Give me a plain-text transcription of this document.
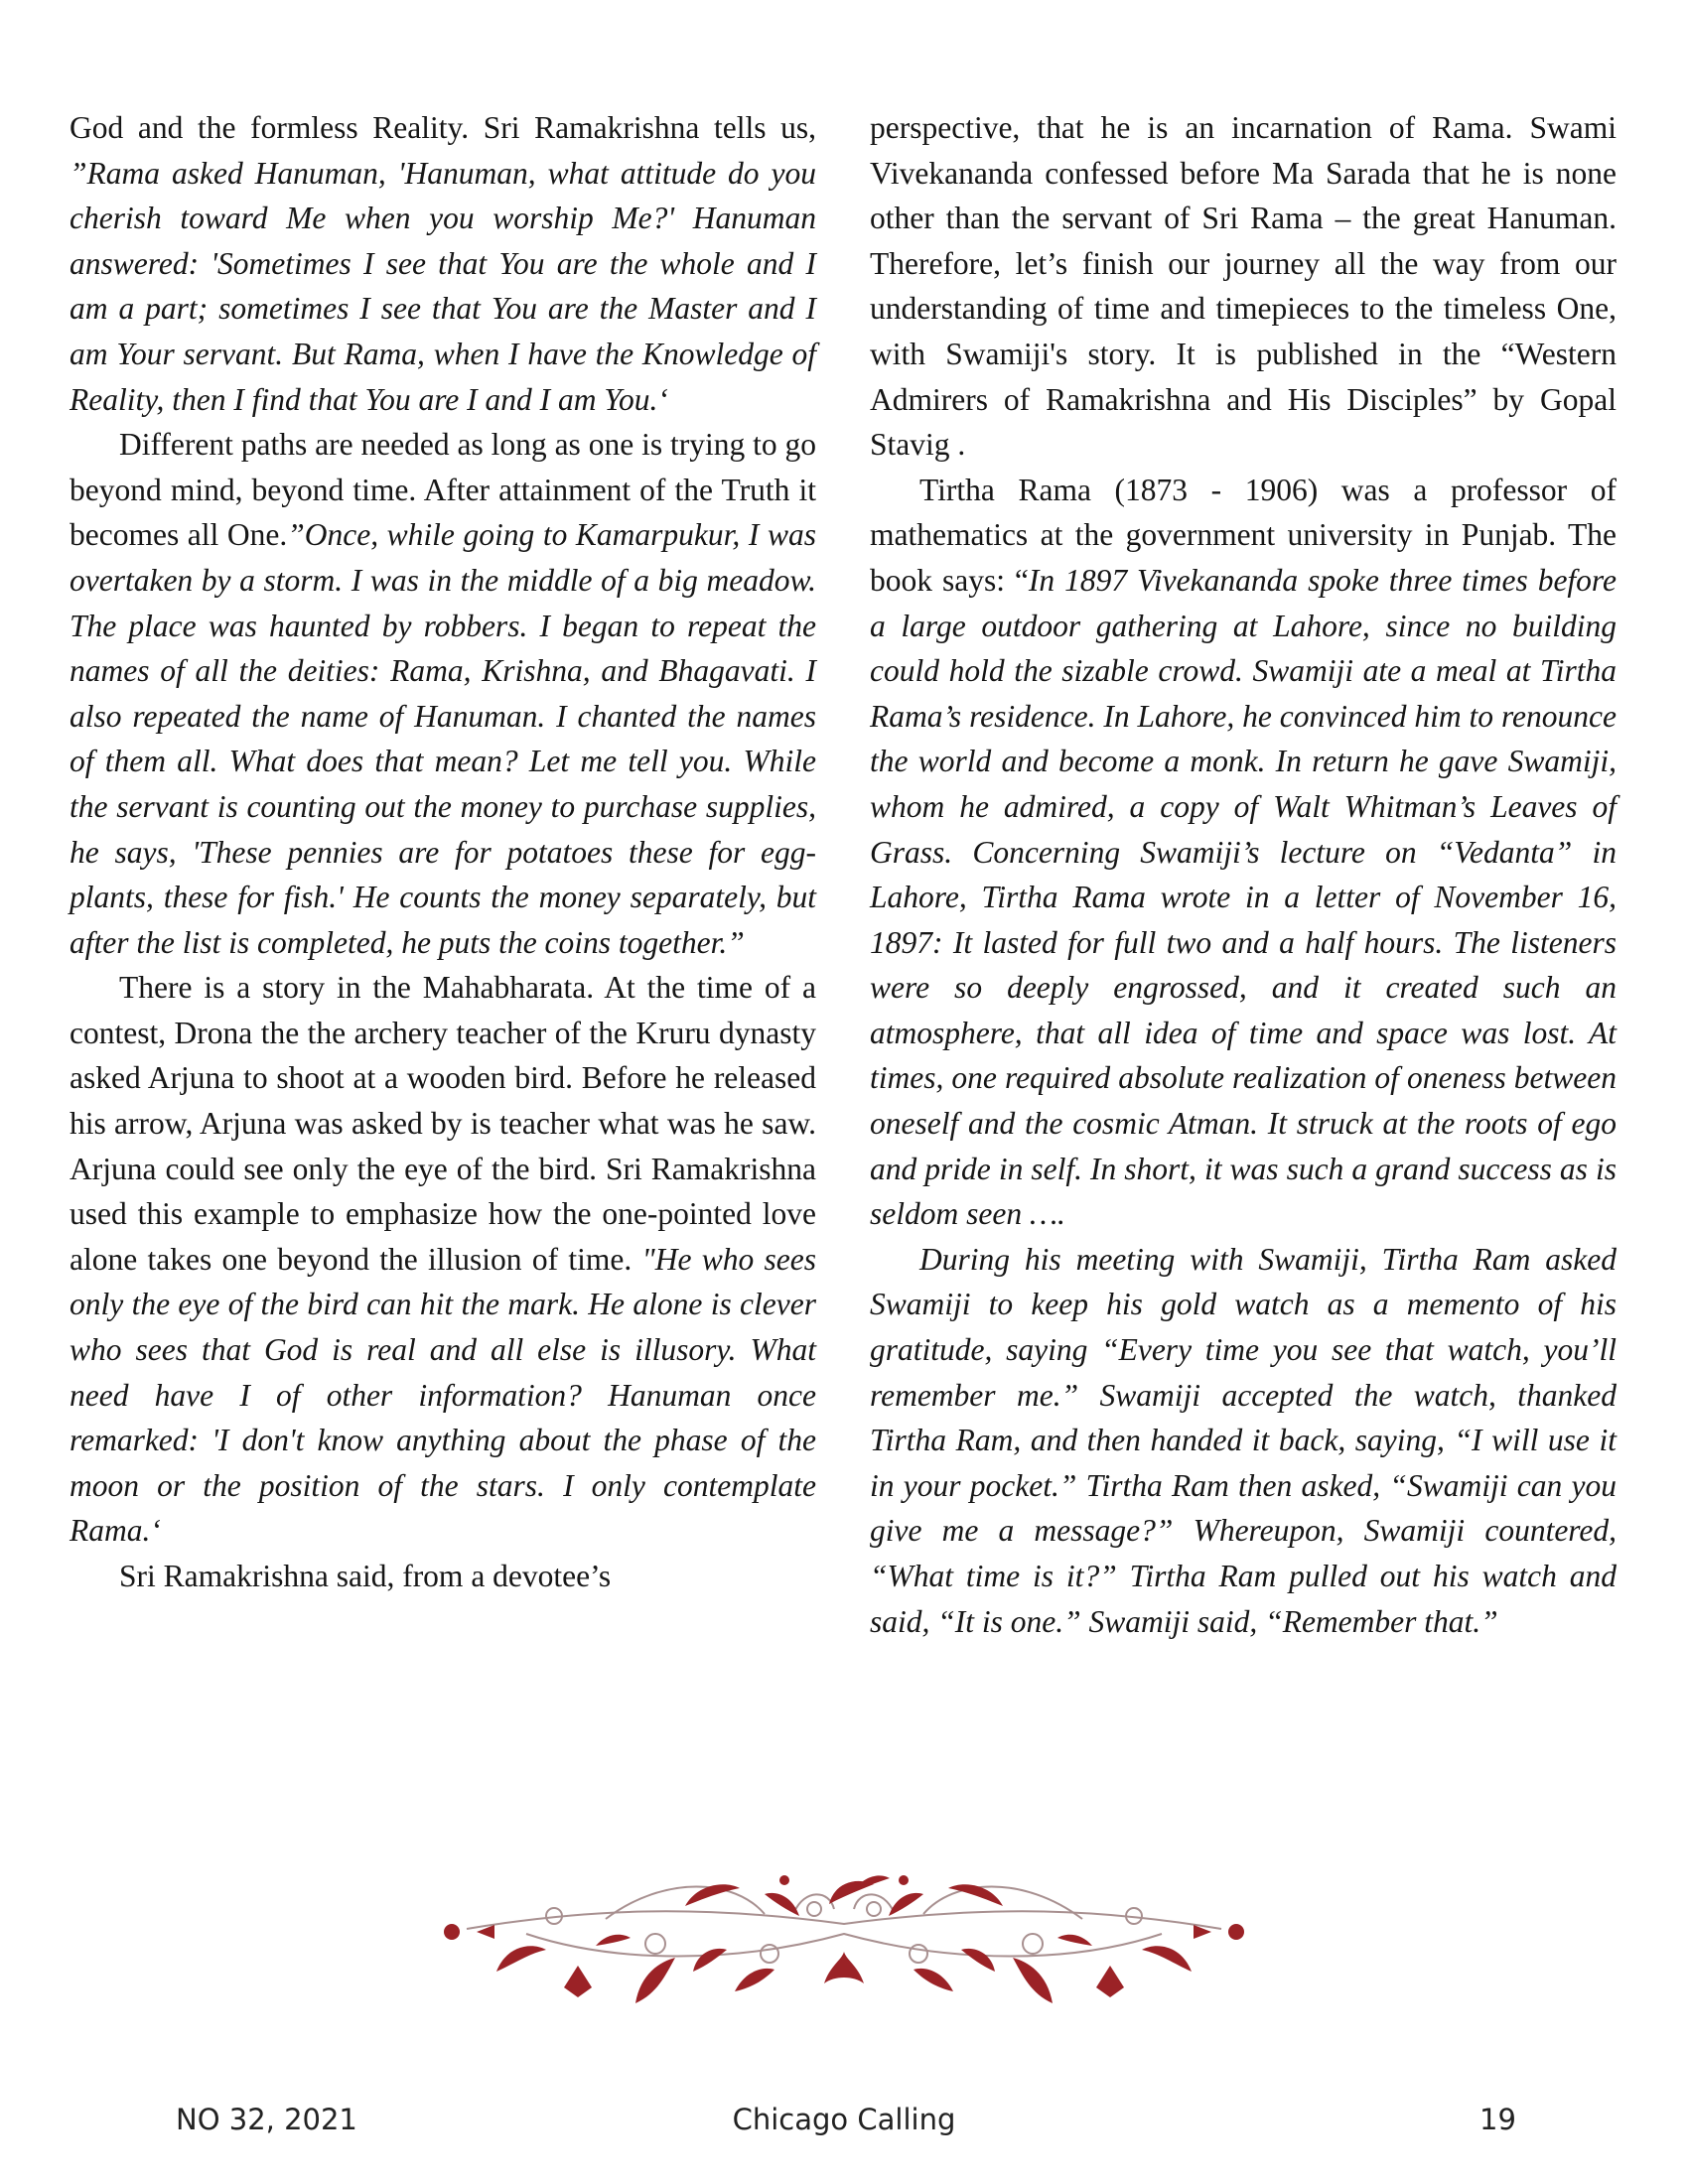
God and the formless Reality. Sri Ramakrishna tells us, ”Rama asked Hanuman, 'Hanuman, what attitude do you cherish toward Me when you worship Me?' Hanuman answered: 'Sometimes I see that You are the whole and I am a part; sometimes I see that You are the Master and I am Your servant. But Rama, when I have the Knowledge of Reality, then I find that You are I and I am You.‘

Different paths are needed as long as one is trying to go beyond mind, beyond time. After attainment of the Truth it becomes all One.”Once, while going to Kamarpukur, I was overtaken by a storm. I was in the middle of a big meadow. The place was haunted by robbers. I began to repeat the names of all the deities: Rama, Krishna, and Bhagavati. I also repeated the name of Hanuman. I chanted the names of them all. What does that mean? Let me tell you. While the servant is counting out the money to purchase supplies, he says, 'These pennies are for potatoes these for egg-plants, these for fish.' He counts the money separately, but after the list is completed, he puts the coins together.”

There is a story in the Mahabharata. At the time of a contest, Drona the the archery teacher of the Kruru dynasty asked Arjuna to shoot at a wooden bird. Before he released his arrow, Arjuna was asked by is teacher what was he saw. Arjuna could see only the eye of the bird. Sri Ramakrishna used this example to emphasize how the one-pointed love alone takes one beyond the illusion of time. "He who sees only the eye of the bird can hit the mark. He alone is clever who sees that God is real and all else is illusory. What need have I of other information? Hanuman once remarked: 'I don't know anything about the phase of the moon or the position of the stars. I only contemplate Rama.‘

Sri Ramakrishna said, from a devotee’s

perspective, that he is an incarnation of Rama. Swami Vivekananda confessed before Ma Sarada that he is none other than the servant of Sri Rama – the great Hanuman. Therefore, let’s finish our journey all the way from our understanding of time and timepieces to the timeless One, with Swamiji's story. It is published in the “Western Admirers of Ramakrishna and His Disciples” by Gopal Stavig .

Tirtha Rama (1873 - 1906) was a professor of mathematics at the government university in Punjab. The book says: “In 1897 Vivekananda spoke three times before a large outdoor gathering at Lahore, since no building could hold the sizable crowd. Swamiji ate a meal at Tirtha Rama’s residence. In Lahore, he convinced him to renounce the world and become a monk. In return he gave Swamiji, whom he admired, a copy of Walt Whitman’s Leaves of Grass. Concerning Swamiji’s lecture on “Vedanta” in Lahore, Tirtha Rama wrote in a letter of November 16, 1897: It lasted for full two and a half hours. The listeners were so deeply engrossed, and it created such an atmosphere, that all idea of time and space was lost. At times, one required absolute realization of oneness between oneself and the cosmic Atman. It struck at the roots of ego and pride in self. In short, it was such a grand success as is seldom seen ….

During his meeting with Swamiji, Tirtha Ram asked Swamiji to keep his gold watch as a memento of his gratitude, saying “Every time you see that watch, you’ll remember me.” Swamiji accepted the watch, thanked Tirtha Ram, and then handed it back, saying, “I will use it in your pocket.” Tirtha Ram then asked, “Swamiji can you give me a message?” Whereupon, Swamiji countered, “What time is it?” Tirtha Ram pulled out his watch and said, “It is one.” Swamiji said, “Remember that.”

NO 32, 2021	Chicago Calling	19
